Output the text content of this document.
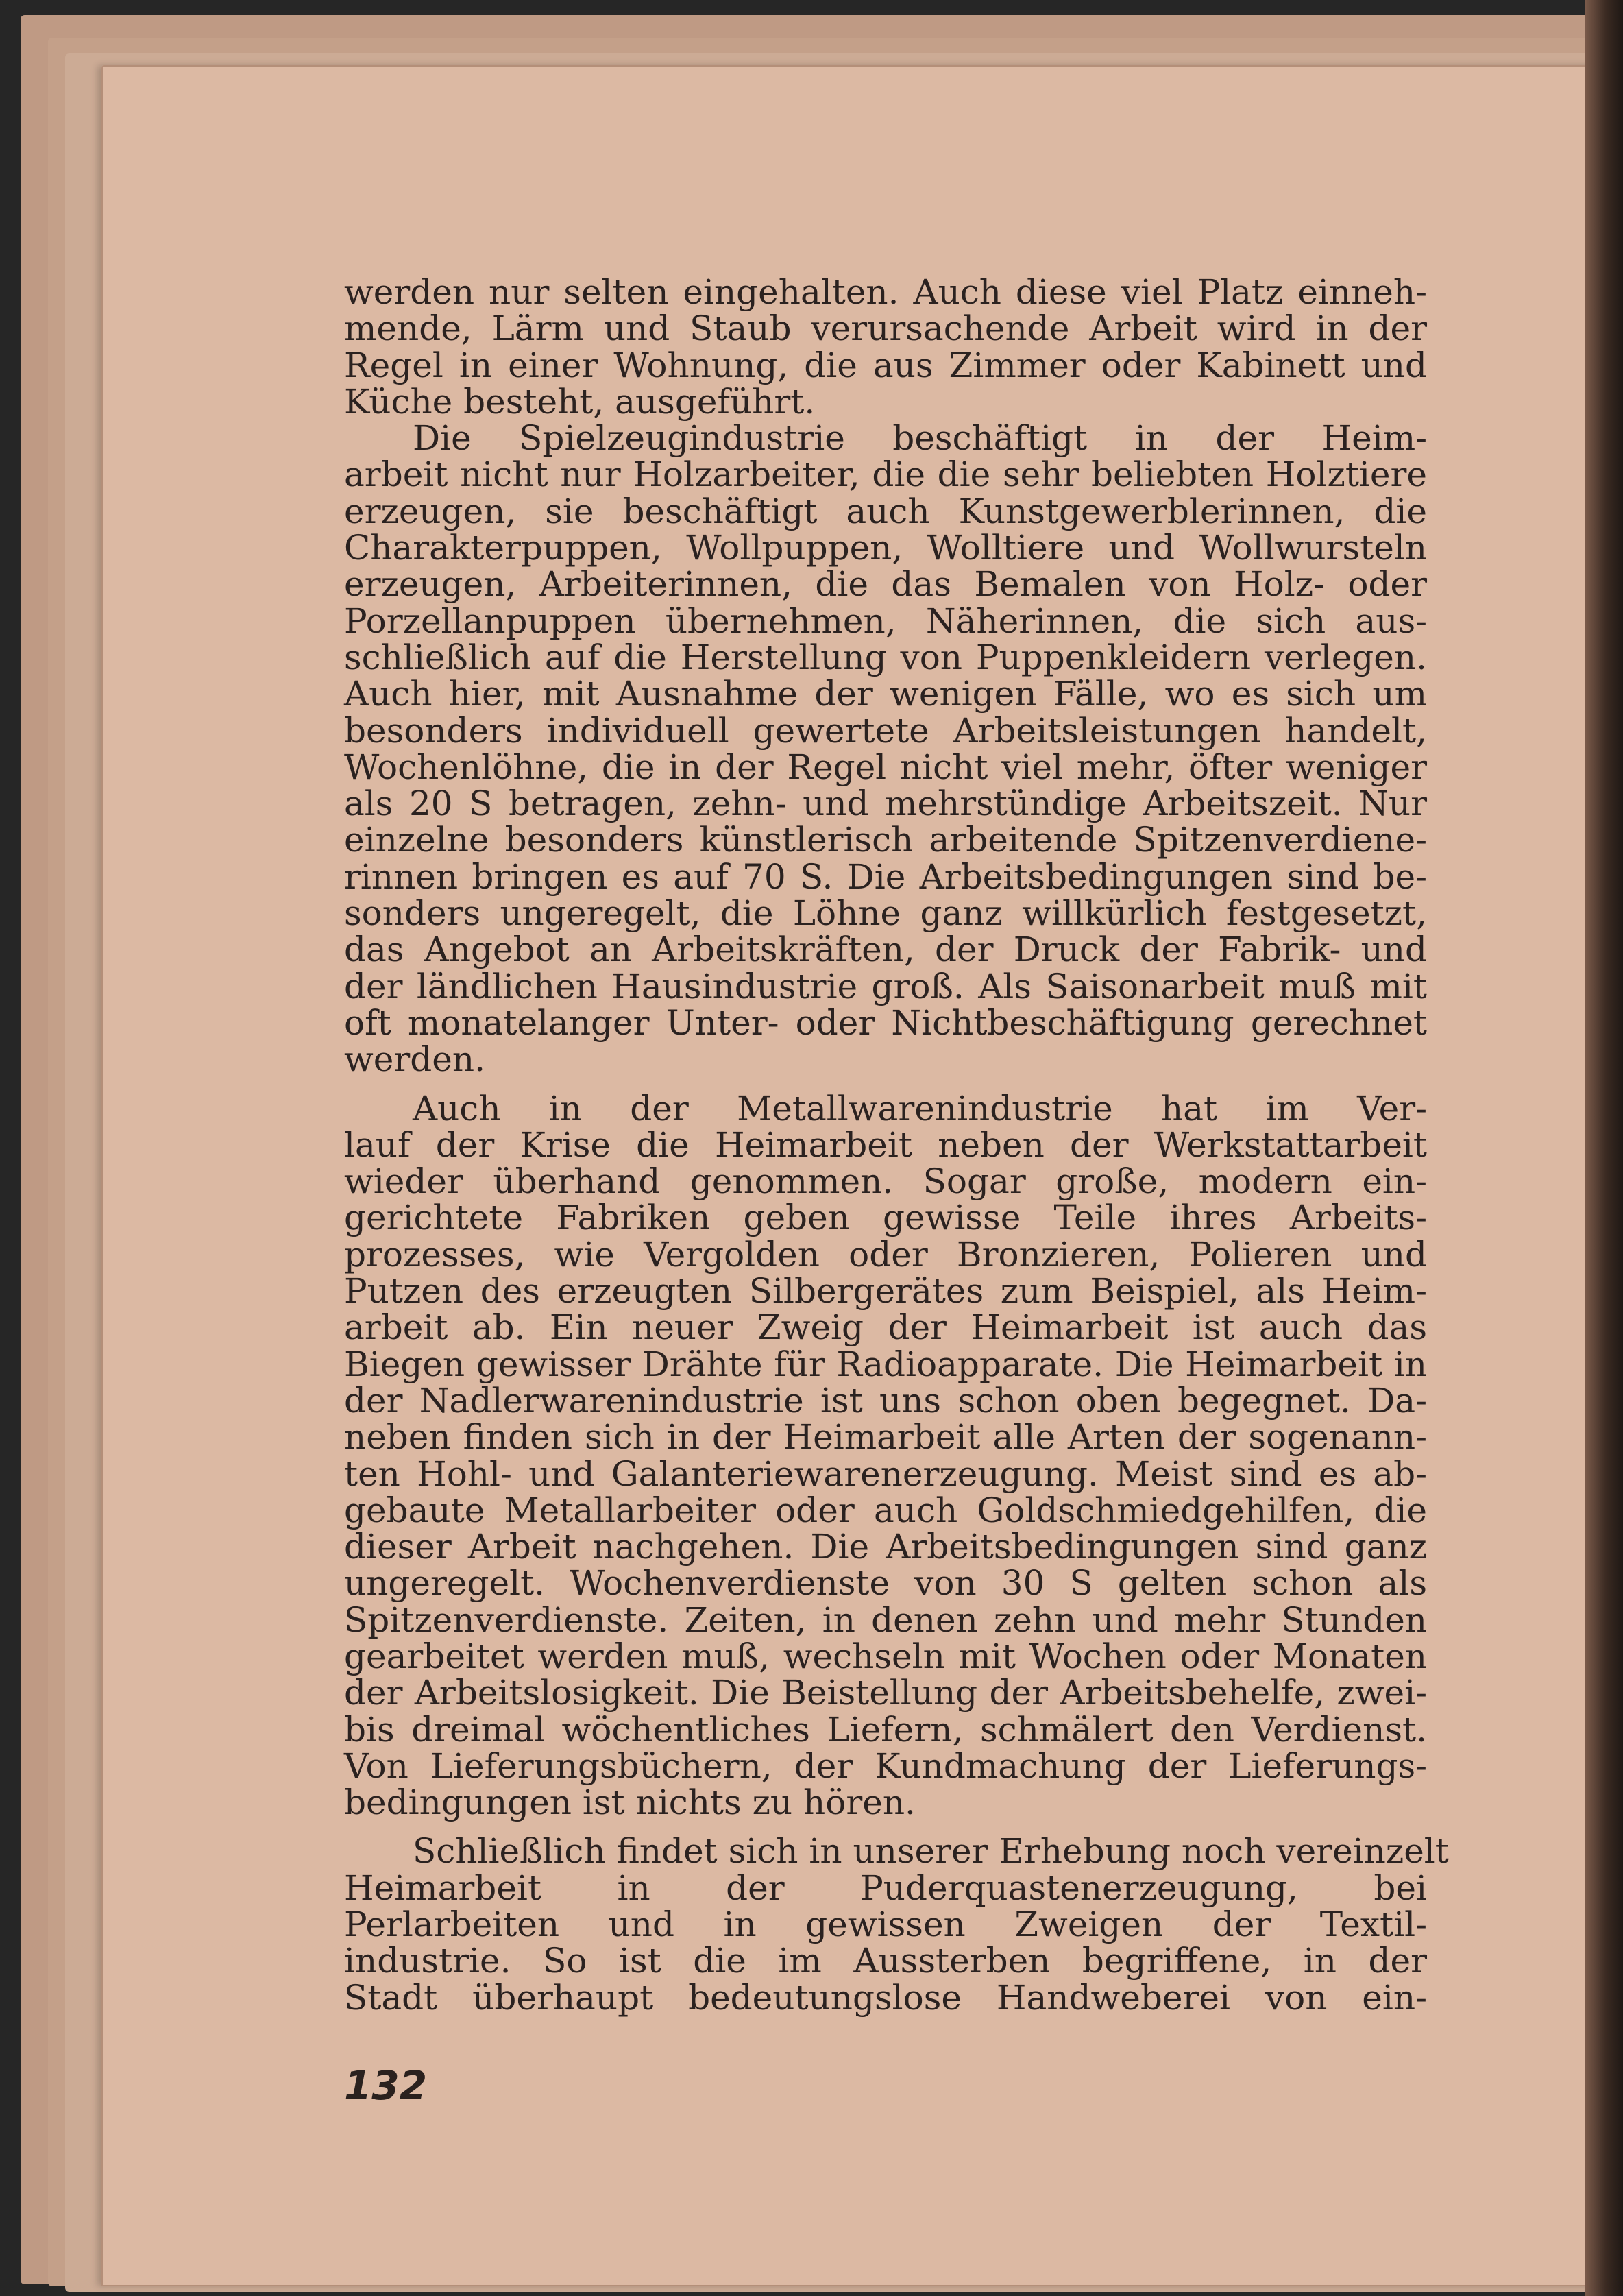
werden nur selten eingehalten. Auch diese viel Platz einneh-
mende, Lärm und Staub verursachende Arbeit wird in der
Regel in einer Wohnung, die aus Zimmer oder Kabinett und
Küche besteht, ausgeführt.
Die Spielzeugindustrie beschäftigt in der Heim-
arbeit nicht nur Holzarbeiter, die die sehr beliebten Holztiere
erzeugen, sie beschäftigt auch Kunstgewerblerinnen, die
Charakterpuppen, Wollpuppen, Wolltiere und Wollwursteln
erzeugen, Arbeiterinnen, die das Bemalen von Holz- oder
Porzellanpuppen übernehmen, Näherinnen, die sich aus-
schließlich auf die Herstellung von Puppenkleidern verlegen.
Auch hier, mit Ausnahme der wenigen Fälle, wo es sich um
besonders individuell gewertete Arbeitsleistungen handelt,
Wochenlöhne, die in der Regel nicht viel mehr, öfter weniger
als 20 S betragen, zehn- und mehrstündige Arbeitszeit. Nur
einzelne besonders künstlerisch arbeitende Spitzenverdiene-
rinnen bringen es auf 70 S. Die Arbeitsbedingungen sind be-
sonders ungeregelt, die Löhne ganz willkürlich festgesetzt,
das Angebot an Arbeitskräften, der Druck der Fabrik- und
der ländlichen Hausindustrie groß. Als Saisonarbeit muß mit
oft monatelanger Unter- oder Nichtbeschäftigung gerechnet
werden.
Auch in der Metallwarenindustrie hat im Ver-
lauf der Krise die Heimarbeit neben der Werkstattarbeit
wieder überhand genommen. Sogar große, modern ein-
gerichtete Fabriken geben gewisse Teile ihres Arbeits-
prozesses, wie Vergolden oder Bronzieren, Polieren und
Putzen des erzeugten Silbergerätes zum Beispiel, als Heim-
arbeit ab. Ein neuer Zweig der Heimarbeit ist auch das
Biegen gewisser Drähte für Radioapparate. Die Heimarbeit in
der Nadlerwarenindustrie ist uns schon oben begegnet. Da-
neben finden sich in der Heimarbeit alle Arten der sogenann-
ten Hohl- und Galanteriewarenerzeugung. Meist sind es ab-
gebaute Metallarbeiter oder auch Goldschmiedgehilfen, die
dieser Arbeit nachgehen. Die Arbeitsbedingungen sind ganz
ungeregelt. Wochenverdienste von 30 S gelten schon als
Spitzenverdienste. Zeiten, in denen zehn und mehr Stunden
gearbeitet werden muß, wechseln mit Wochen oder Monaten
der Arbeitslosigkeit. Die Beistellung der Arbeitsbehelfe, zwei-
bis dreimal wöchentliches Liefern, schmälert den Verdienst.
Von Lieferungsbüchern, der Kundmachung der Lieferungs-
bedingungen ist nichts zu hören.
Schließlich findet sich in unserer Erhebung noch vereinzelt
Heimarbeit in der Puderquastenerzeugung, bei
Perlarbeiten und in gewissen Zweigen der Textil-
industrie. So ist die im Aussterben begriffene, in der
Stadt überhaupt bedeutungslose Handweberei von ein-
132
